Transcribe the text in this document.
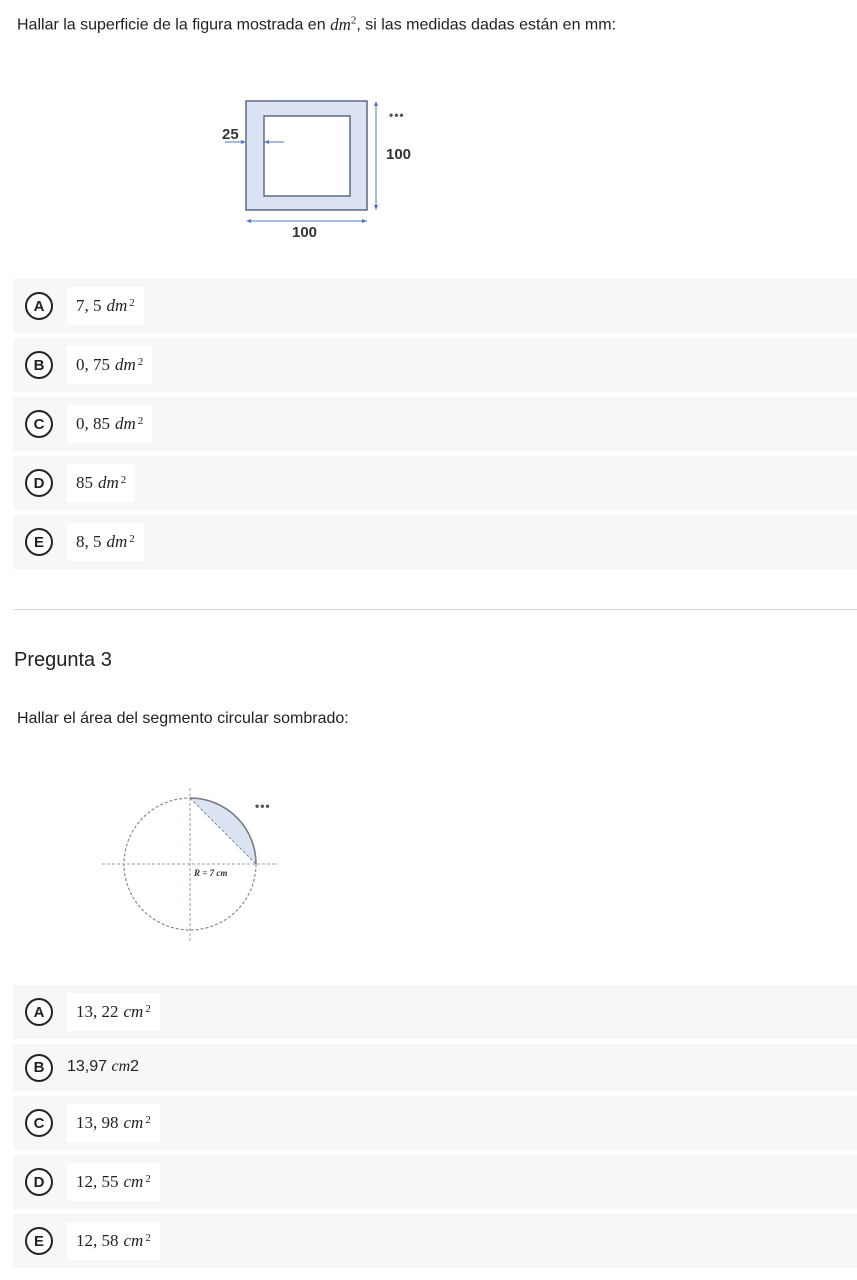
Hallar la superficie de la figura mostrada en $dm^2$, si las medidas dadas están en mm:
25
100
100
•••
A	7, 5 $dm^2$
B	0, 75 $dm^2$
C	0, 85 $dm^2$
D	85 $dm^2$
E	8, 5 $dm^2$
Pregunta 3
Hallar el área del segmento circular sombrado:
R = 7 cm
•••
A	13, 22 $cm^2$
B	13,97 cm2
C	13, 98 $cm^2$
D	12, 55 $cm^2$
E	12, 58 $cm^2$
